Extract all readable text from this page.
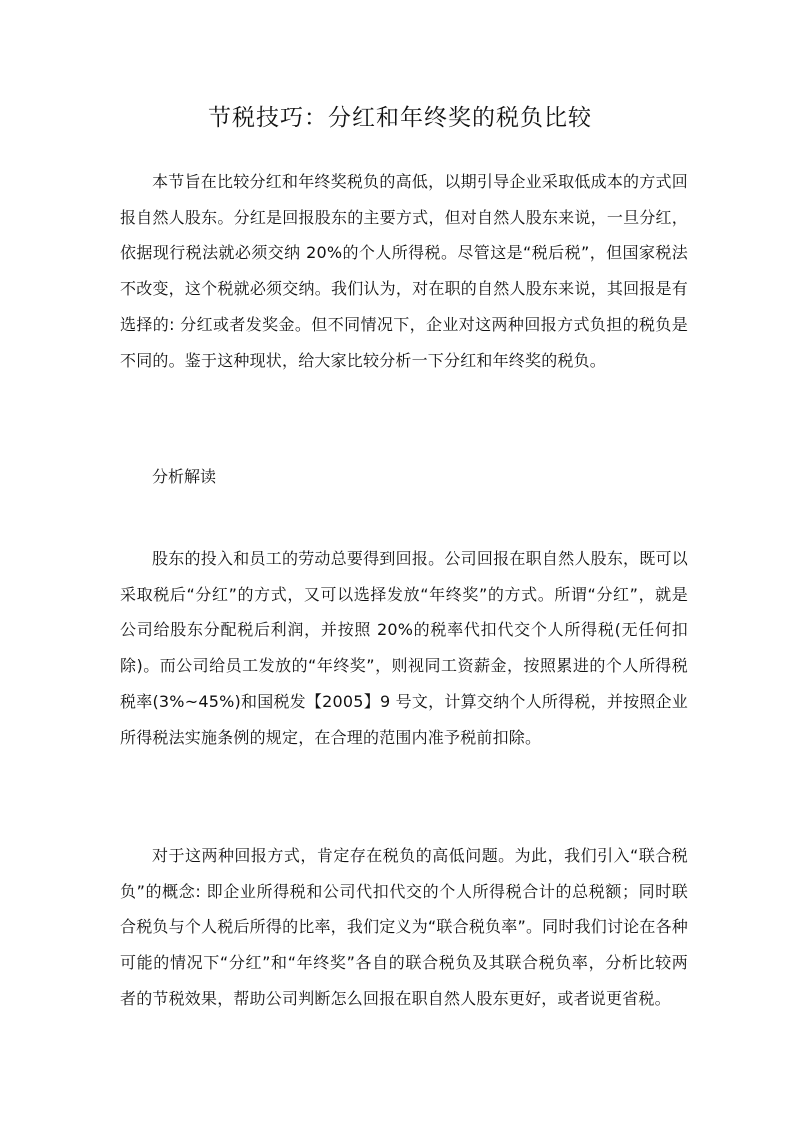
节税技巧：分红和年终奖的税负比较

本节旨在比较分红和年终奖税负的高低，以期引导企业采取低成本的方式回报自然人股东。分红是回报股东的主要方式，但对自然人股东来说，一旦分红，依据现行税法就必须交纳 20%的个人所得税。尽管这是“税后税”，但国家税法不改变，这个税就必须交纳。我们认为，对在职的自然人股东来说，其回报是有选择的: 分红或者发奖金。但不同情况下，企业对这两种回报方式负担的税负是不同的。鉴于这种现状，给大家比较分析一下分红和年终奖的税负。

分析解读

股东的投入和员工的劳动总要得到回报。公司回报在职自然人股东，既可以采取税后“分红”的方式，又可以选择发放“年终奖”的方式。所谓“分红”，就是公司给股东分配税后利润，并按照 20%的税率代扣代交个人所得税(无任何扣除)。而公司给员工发放的“年终奖”，则视同工资薪金，按照累进的个人所得税税率(3%~45%)和国税发【2005】9 号文，计算交纳个人所得税，并按照企业所得税法实施条例的规定，在合理的范围内准予税前扣除。

对于这两种回报方式，肯定存在税负的高低问题。为此，我们引入“联合税负”的概念: 即企业所得税和公司代扣代交的个人所得税合计的总税额；同时联合税负与个人税后所得的比率，我们定义为“联合税负率”。同时我们讨论在各种可能的情况下“分红”和“年终奖”各自的联合税负及其联合税负率，分析比较两者的节税效果，帮助公司判断怎么回报在职自然人股东更好，或者说更省税。
